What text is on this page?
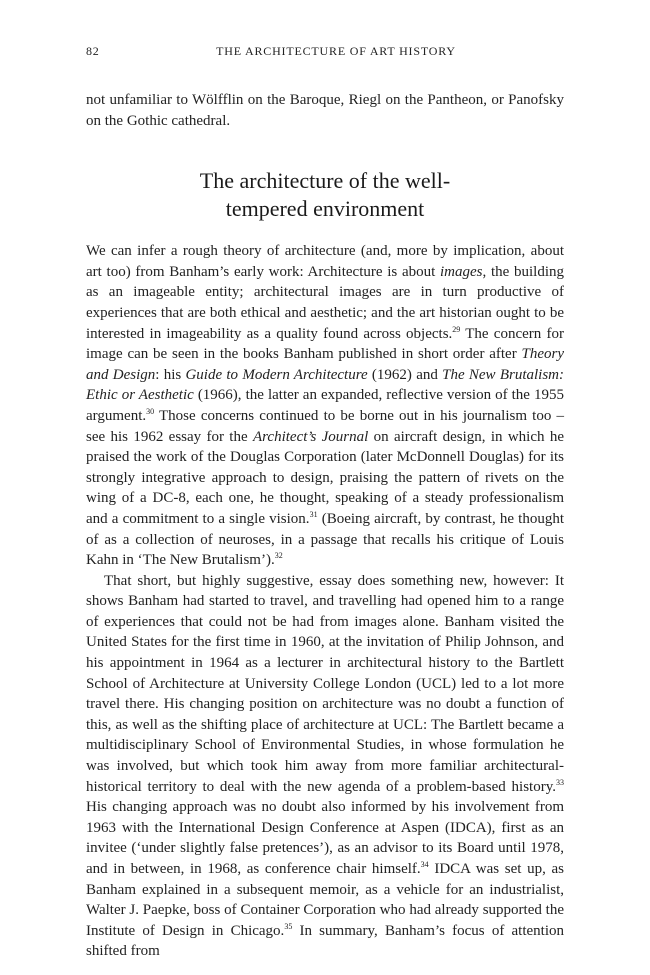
82	THE ARCHITECTURE OF ART HISTORY

not unfamiliar to Wölfflin on the Baroque, Riegl on the Pantheon, or Panofsky on the Gothic cathedral.

The architecture of the well-
tempered environment

We can infer a rough theory of architecture (and, more by implication, about art too) from Banham’s early work: Architecture is about images, the building as an imageable entity; architectural images are in turn productive of experiences that are both ethical and aesthetic; and the art historian ought to be interested in imageability as a quality found across objects.$^{29}$ The concern for image can be seen in the books Banham published in short order after Theory and Design: his Guide to Modern Architecture (1962) and The New Brutalism: Ethic or Aesthetic (1966), the latter an expanded, reflective version of the 1955 argument.$^{30}$ Those concerns continued to be borne out in his journalism too – see his 1962 essay for the Architect’s Journal on aircraft design, in which he praised the work of the Douglas Corporation (later McDonnell Douglas) for its strongly integrative approach to design, praising the pattern of rivets on the wing of a DC-8, each one, he thought, speaking of a steady professionalism and a commitment to a single vision.$^{31}$ (Boeing aircraft, by contrast, he thought of as a collection of neuroses, in a passage that recalls his critique of Louis Kahn in ‘The New Brutalism’).$^{32}$

That short, but highly suggestive, essay does something new, however: It shows Banham had started to travel, and travelling had opened him to a range of experiences that could not be had from images alone. Banham visited the United States for the first time in 1960, at the invitation of Philip Johnson, and his appointment in 1964 as a lecturer in architectural history to the Bartlett School of Architecture at University College London (UCL) led to a lot more travel there. His changing position on architecture was no doubt a function of this, as well as the shifting place of architecture at UCL: The Bartlett became a multidisciplinary School of Environmental Studies, in whose formulation he was involved, but which took him away from more familiar architectural-historical territory to deal with the new agenda of a problem-based history.$^{33}$ His changing approach was no doubt also informed by his involvement from 1963 with the International Design Conference at Aspen (IDCA), first as an invitee (‘under slightly false pretences’), as an advisor to its Board until 1978, and in between, in 1968, as conference chair himself.$^{34}$ IDCA was set up, as Banham explained in a subsequent memoir, as a vehicle for an industrialist, Walter J. Paepke, boss of Container Corporation who had already supported the Institute of Design in Chicago.$^{35}$ In summary, Banham’s focus of attention shifted from
